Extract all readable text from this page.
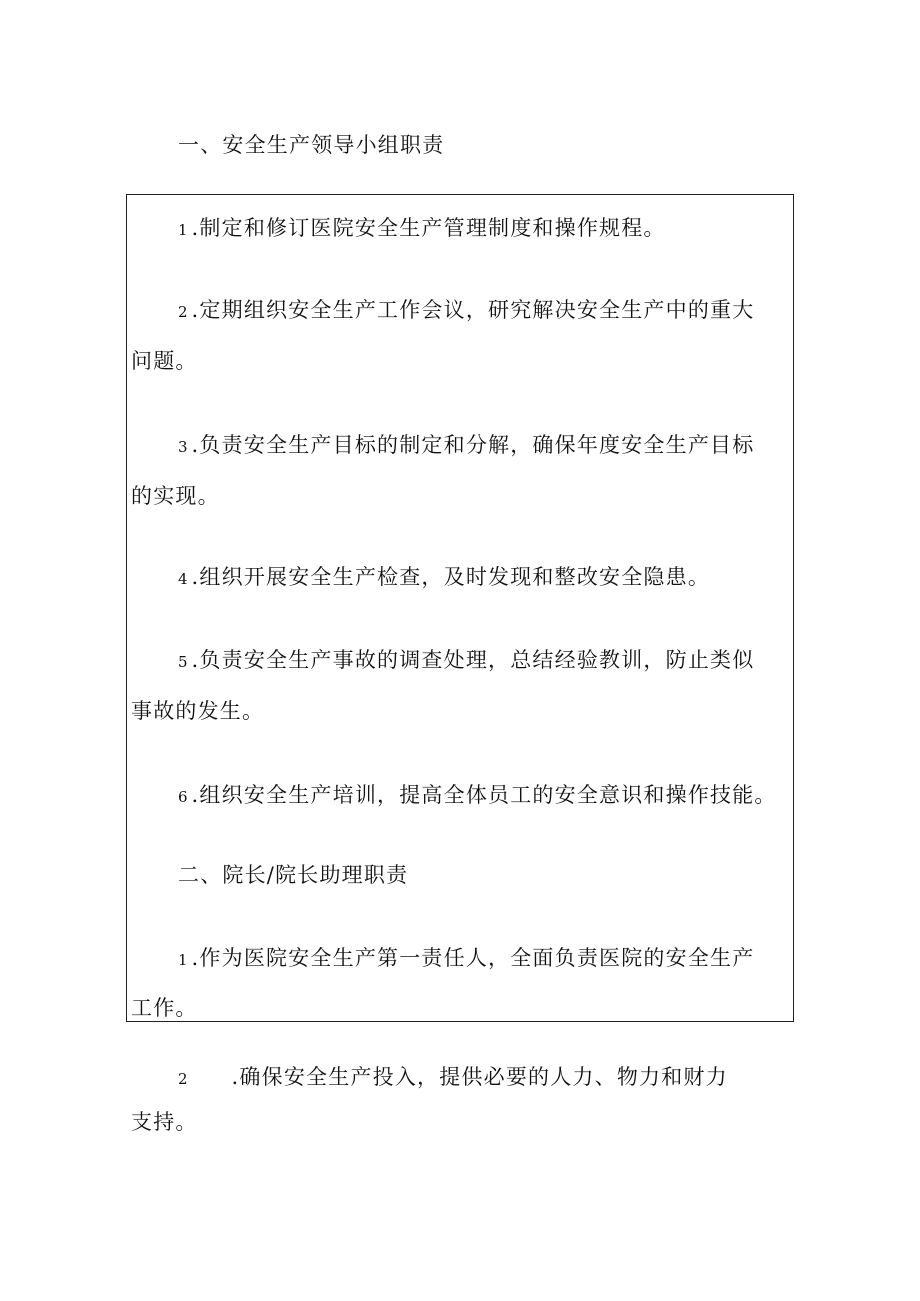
一、安全生产领导小组职责
1 .制定和修订医院安全生产管理制度和操作规程。
2 .定期组织安全生产工作会议，研究解决安全生产中的重大
问题。
3 .负责安全生产目标的制定和分解，确保年度安全生产目标
的实现。
4 .组织开展安全生产检查，及时发现和整改安全隐患。
5 .负责安全生产事故的调查处理，总结经验教训，防止类似
事故的发生。
6 .组织安全生产培训，提高全体员工的安全意识和操作技能。
二、院长/院长助理职责
1 .作为医院安全生产第一责任人，全面负责医院的安全生产
工作。
2 .确保安全生产投入，提供必要的人力、物力和财力
支持。
